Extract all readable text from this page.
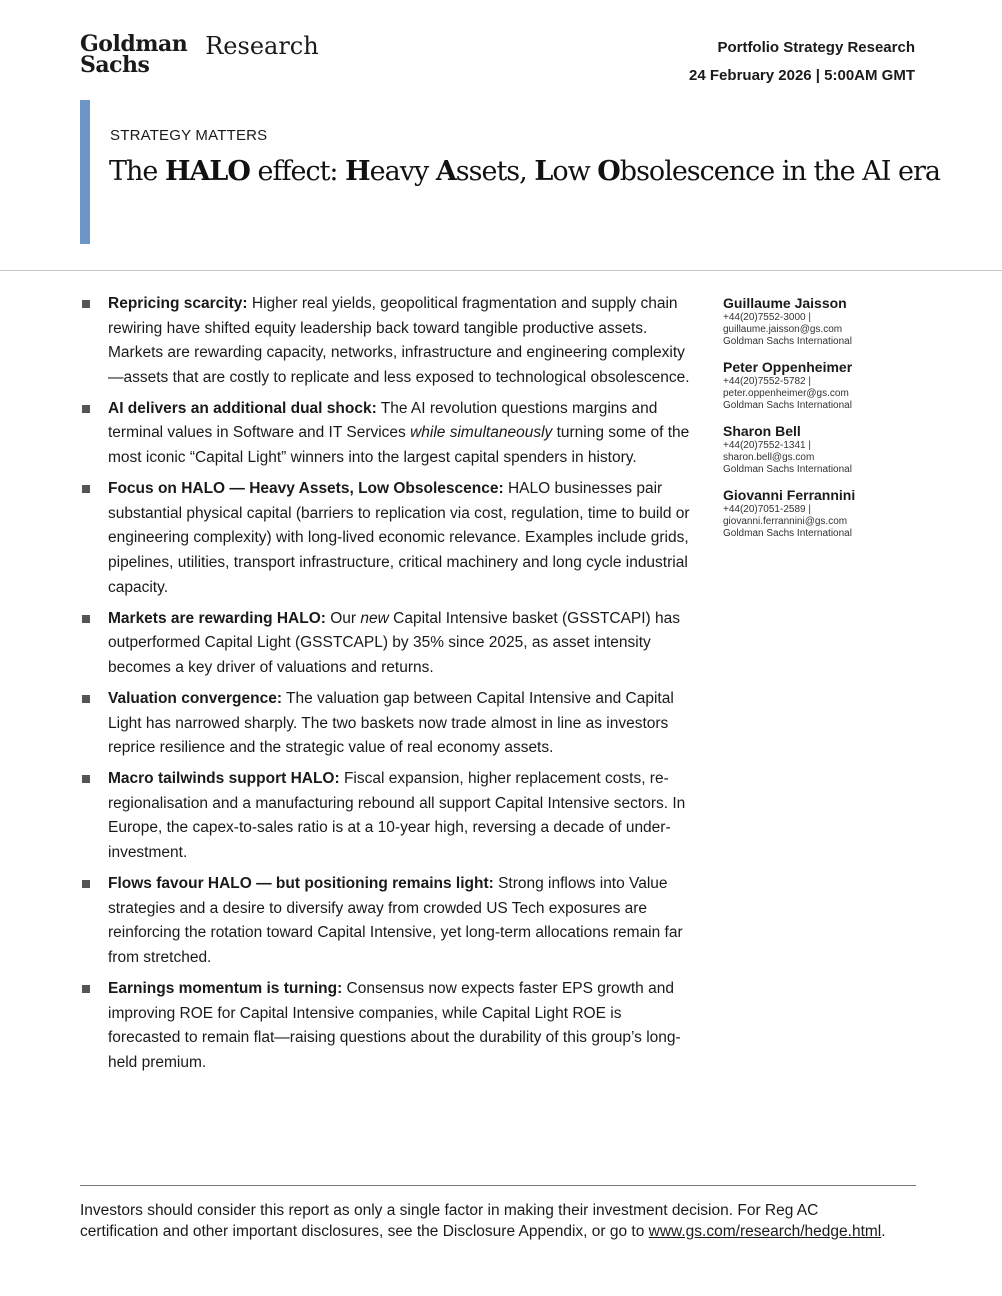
Goldman
Sachs
Research	Portfolio Strategy Research
24 February 2026 | 5:00AM GMT
STRATEGY MATTERS
The HALO effect: Heavy Assets, Low Obsolescence in the AI era
Repricing scarcity: Higher real yields, geopolitical fragmentation and supply chain rewiring have shifted equity leadership back toward tangible productive assets. Markets are rewarding capacity, networks, infrastructure and engineering complexity—assets that are costly to replicate and less exposed to technological obsolescence.
AI delivers an additional dual shock: The AI revolution questions margins and terminal values in Software and IT Services while simultaneously turning some of the most iconic “Capital Light” winners into the largest capital spenders in history.
Focus on HALO — Heavy Assets, Low Obsolescence: HALO businesses pair substantial physical capital (barriers to replication via cost, regulation, time to build or engineering complexity) with long-lived economic relevance. Examples include grids, pipelines, utilities, transport infrastructure, critical machinery and long cycle industrial capacity.
Markets are rewarding HALO: Our new Capital Intensive basket (GSSTCAPI) has outperformed Capital Light (GSSTCAPL) by 35% since 2025, as asset intensity becomes a key driver of valuations and returns.
Valuation convergence: The valuation gap between Capital Intensive and Capital Light has narrowed sharply. The two baskets now trade almost in line as investors reprice resilience and the strategic value of real economy assets.
Macro tailwinds support HALO: Fiscal expansion, higher replacement costs, re-regionalisation and a manufacturing rebound all support Capital Intensive sectors. In Europe, the capex-to-sales ratio is at a 10-year high, reversing a decade of under-investment.
Flows favour HALO — but positioning remains light: Strong inflows into Value strategies and a desire to diversify away from crowded US Tech exposures are reinforcing the rotation toward Capital Intensive, yet long-term allocations remain far from stretched.
Earnings momentum is turning: Consensus now expects faster EPS growth and improving ROE for Capital Intensive companies, while Capital Light ROE is forecasted to remain flat—raising questions about the durability of this group’s long-held premium.
Guillaume Jaisson
+44(20)7552-3000 |
guillaume.jaisson@gs.com
Goldman Sachs International
Peter Oppenheimer
+44(20)7552-5782 |
peter.oppenheimer@gs.com
Goldman Sachs International
Sharon Bell
+44(20)7552-1341 |
sharon.bell@gs.com
Goldman Sachs International
Giovanni Ferrannini
+44(20)7051-2589 |
giovanni.ferrannini@gs.com
Goldman Sachs International
Investors should consider this report as only a single factor in making their investment decision. For Reg AC certification and other important disclosures, see the Disclosure Appendix, or go to www.gs.com/research/hedge.html.
